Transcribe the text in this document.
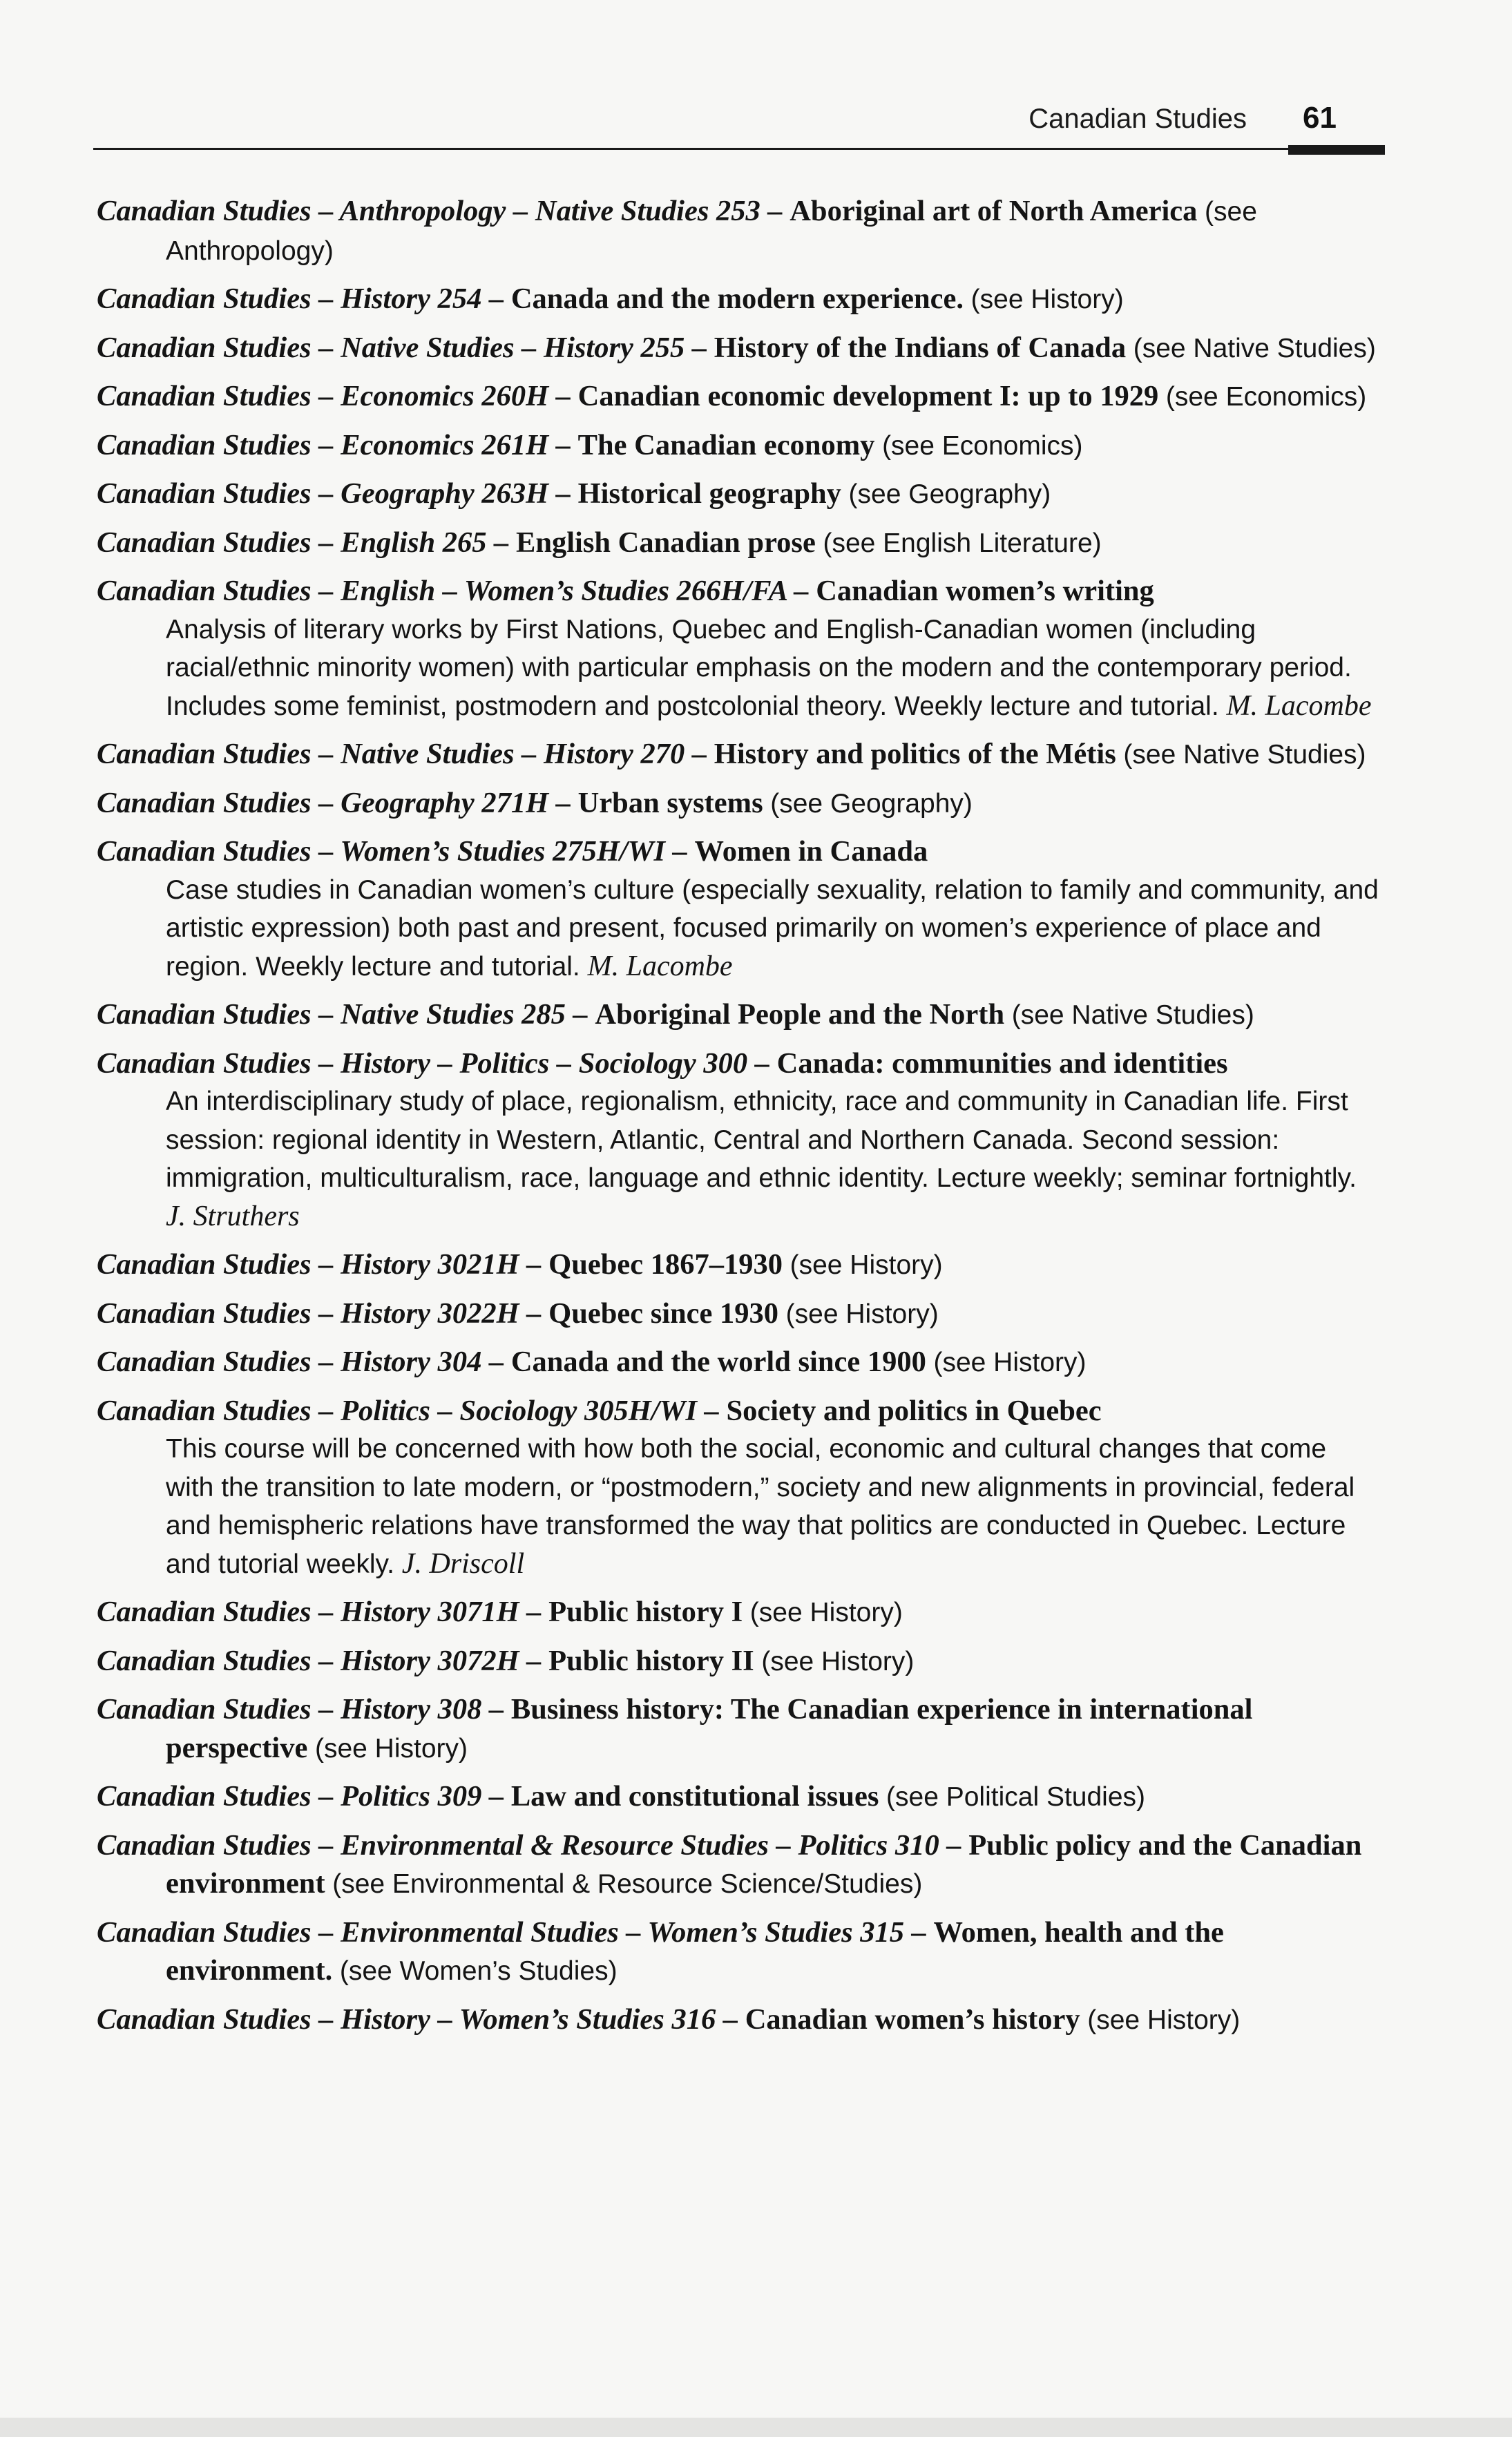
Canadian Studies 61
Canadian Studies – Anthropology – Native Studies 253 – Aboriginal art of North America (see Anthropology)
Canadian Studies – History 254 – Canada and the modern experience. (see History)
Canadian Studies – Native Studies – History 255 – History of the Indians of Canada (see Native Studies)
Canadian Studies – Economics 260H – Canadian economic development I: up to 1929 (see Economics)
Canadian Studies – Economics 261H – The Canadian economy (see Economics)
Canadian Studies – Geography 263H – Historical geography (see Geography)
Canadian Studies – English 265 – English Canadian prose (see English Literature)
Canadian Studies – English – Women’s Studies 266H/FA – Canadian women’s writing
Analysis of literary works by First Nations, Quebec and English-Canadian women (including racial/ethnic minority women) with particular emphasis on the modern and the contemporary period. Includes some feminist, postmodern and postcolonial theory. Weekly lecture and tutorial. M. Lacombe
Canadian Studies – Native Studies – History 270 – History and politics of the Métis (see Native Studies)
Canadian Studies – Geography 271H – Urban systems (see Geography)
Canadian Studies – Women’s Studies 275H/WI – Women in Canada
Case studies in Canadian women’s culture (especially sexuality, relation to family and community, and artistic expression) both past and present, focused primarily on women’s experience of place and region. Weekly lecture and tutorial. M. Lacombe
Canadian Studies – Native Studies 285 – Aboriginal People and the North (see Native Studies)
Canadian Studies – History – Politics – Sociology 300 – Canada: communities and identities
An interdisciplinary study of place, regionalism, ethnicity, race and community in Canadian life. First session: regional identity in Western, Atlantic, Central and Northern Canada. Second session: immigration, multiculturalism, race, language and ethnic identity. Lecture weekly; seminar fortnightly. J. Struthers
Canadian Studies – History 3021H – Quebec 1867–1930 (see History)
Canadian Studies – History 3022H – Quebec since 1930 (see History)
Canadian Studies – History 304 – Canada and the world since 1900 (see History)
Canadian Studies – Politics – Sociology 305H/WI – Society and politics in Quebec
This course will be concerned with how both the social, economic and cultural changes that come with the transition to late modern, or “postmodern,” society and new alignments in provincial, federal and hemispheric relations have transformed the way that politics are conducted in Quebec. Lecture and tutorial weekly. J. Driscoll
Canadian Studies – History 3071H – Public history I (see History)
Canadian Studies – History 3072H – Public history II (see History)
Canadian Studies – History 308 – Business history: The Canadian experience in international perspective (see History)
Canadian Studies – Politics 309 – Law and constitutional issues (see Political Studies)
Canadian Studies – Environmental & Resource Studies – Politics 310 – Public policy and the Canadian environment (see Environmental & Resource Science/Studies)
Canadian Studies – Environmental Studies – Women’s Studies 315 – Women, health and the environment. (see Women’s Studies)
Canadian Studies – History – Women’s Studies 316 – Canadian women’s history (see History)
